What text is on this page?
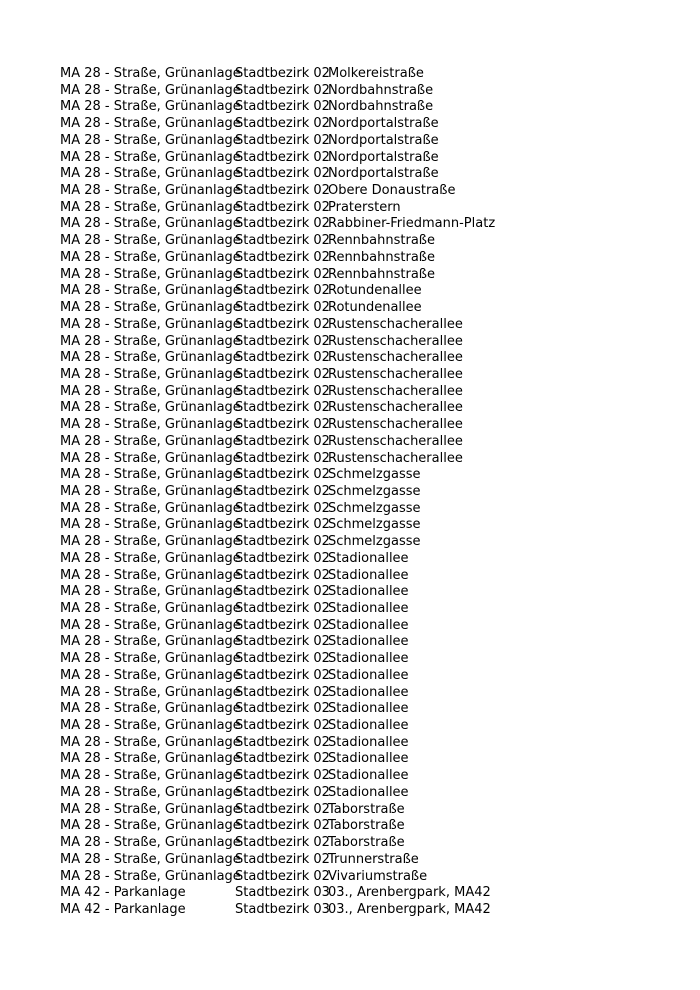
MA 28 - Straße, Grünanlage
Stadtbezirk 02
Molkereistraße
MA 28 - Straße, Grünanlage
Stadtbezirk 02
Nordbahnstraße
MA 28 - Straße, Grünanlage
Stadtbezirk 02
Nordbahnstraße
MA 28 - Straße, Grünanlage
Stadtbezirk 02
Nordportalstraße
MA 28 - Straße, Grünanlage
Stadtbezirk 02
Nordportalstraße
MA 28 - Straße, Grünanlage
Stadtbezirk 02
Nordportalstraße
MA 28 - Straße, Grünanlage
Stadtbezirk 02
Nordportalstraße
MA 28 - Straße, Grünanlage
Stadtbezirk 02
Obere Donaustraße
MA 28 - Straße, Grünanlage
Stadtbezirk 02
Praterstern
MA 28 - Straße, Grünanlage
Stadtbezirk 02
Rabbiner-Friedmann-Platz
MA 28 - Straße, Grünanlage
Stadtbezirk 02
Rennbahnstraße
MA 28 - Straße, Grünanlage
Stadtbezirk 02
Rennbahnstraße
MA 28 - Straße, Grünanlage
Stadtbezirk 02
Rennbahnstraße
MA 28 - Straße, Grünanlage
Stadtbezirk 02
Rotundenallee
MA 28 - Straße, Grünanlage
Stadtbezirk 02
Rotundenallee
MA 28 - Straße, Grünanlage
Stadtbezirk 02
Rustenschacherallee
MA 28 - Straße, Grünanlage
Stadtbezirk 02
Rustenschacherallee
MA 28 - Straße, Grünanlage
Stadtbezirk 02
Rustenschacherallee
MA 28 - Straße, Grünanlage
Stadtbezirk 02
Rustenschacherallee
MA 28 - Straße, Grünanlage
Stadtbezirk 02
Rustenschacherallee
MA 28 - Straße, Grünanlage
Stadtbezirk 02
Rustenschacherallee
MA 28 - Straße, Grünanlage
Stadtbezirk 02
Rustenschacherallee
MA 28 - Straße, Grünanlage
Stadtbezirk 02
Rustenschacherallee
MA 28 - Straße, Grünanlage
Stadtbezirk 02
Rustenschacherallee
MA 28 - Straße, Grünanlage
Stadtbezirk 02
Schmelzgasse
MA 28 - Straße, Grünanlage
Stadtbezirk 02
Schmelzgasse
MA 28 - Straße, Grünanlage
Stadtbezirk 02
Schmelzgasse
MA 28 - Straße, Grünanlage
Stadtbezirk 02
Schmelzgasse
MA 28 - Straße, Grünanlage
Stadtbezirk 02
Schmelzgasse
MA 28 - Straße, Grünanlage
Stadtbezirk 02
Stadionallee
MA 28 - Straße, Grünanlage
Stadtbezirk 02
Stadionallee
MA 28 - Straße, Grünanlage
Stadtbezirk 02
Stadionallee
MA 28 - Straße, Grünanlage
Stadtbezirk 02
Stadionallee
MA 28 - Straße, Grünanlage
Stadtbezirk 02
Stadionallee
MA 28 - Straße, Grünanlage
Stadtbezirk 02
Stadionallee
MA 28 - Straße, Grünanlage
Stadtbezirk 02
Stadionallee
MA 28 - Straße, Grünanlage
Stadtbezirk 02
Stadionallee
MA 28 - Straße, Grünanlage
Stadtbezirk 02
Stadionallee
MA 28 - Straße, Grünanlage
Stadtbezirk 02
Stadionallee
MA 28 - Straße, Grünanlage
Stadtbezirk 02
Stadionallee
MA 28 - Straße, Grünanlage
Stadtbezirk 02
Stadionallee
MA 28 - Straße, Grünanlage
Stadtbezirk 02
Stadionallee
MA 28 - Straße, Grünanlage
Stadtbezirk 02
Stadionallee
MA 28 - Straße, Grünanlage
Stadtbezirk 02
Stadionallee
MA 28 - Straße, Grünanlage
Stadtbezirk 02
Taborstraße
MA 28 - Straße, Grünanlage
Stadtbezirk 02
Taborstraße
MA 28 - Straße, Grünanlage
Stadtbezirk 02
Taborstraße
MA 28 - Straße, Grünanlage
Stadtbezirk 02
Trunnerstraße
MA 28 - Straße, Grünanlage
Stadtbezirk 02
Vivariumstraße
MA 42 - Parkanlage	Stadtbezirk 03
03., Arenbergpark, MA42
MA 42 - Parkanlage	Stadtbezirk 03
03., Arenbergpark, MA42
